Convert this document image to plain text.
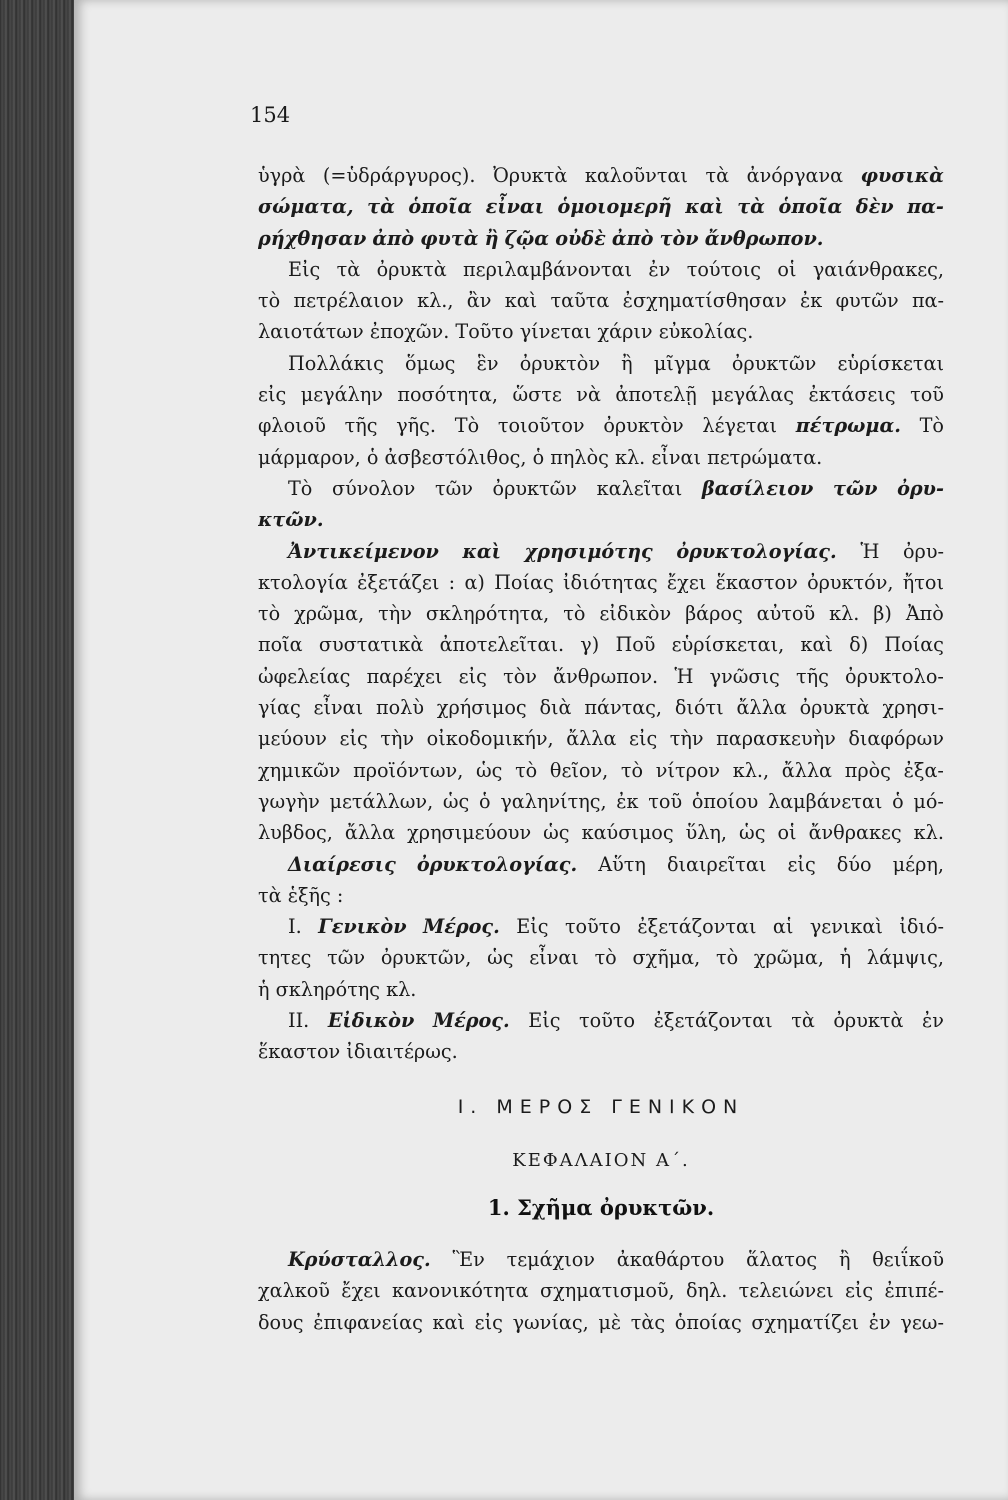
154
ὑγρὰ (=ὑδράργυρος). Ὀρυκτὰ καλοῦνται τὰ ἀνόργανα φυσικὰ
σώματα, τὰ ὁποῖα εἶναι ὁμοιομερῆ καὶ τὰ ὁποῖα δὲν πα-
ρήχθησαν ἀπὸ φυτὰ ἢ ζῷα οὐδὲ ἀπὸ τὸν ἄνθρωπον.
Εἰς τὰ ὀρυκτὰ περιλαμβάνονται ἐν τούτοις οἱ γαιάνθρακες,
τὸ πετρέλαιον κλ., ἂν καὶ ταῦτα ἐσχηματίσθησαν ἐκ φυτῶν πα-
λαιοτάτων ἐποχῶν. Τοῦτο γίνεται χάριν εὐκολίας.
Πολλάκις ὅμως ἓν ὀρυκτὸν ἢ μῖγμα ὀρυκτῶν εὑρίσκεται
εἰς μεγάλην ποσότητα, ὥστε νὰ ἀποτελῇ μεγάλας ἐκτάσεις τοῦ
φλοιοῦ τῆς γῆς. Τὸ τοιοῦτον ὀρυκτὸν λέγεται πέτρωμα. Τὸ
μάρμαρον, ὁ ἀσβεστόλιθος, ὁ πηλὸς κλ. εἶναι πετρώματα.
Τὸ σύνολον τῶν ὀρυκτῶν καλεῖται βασίλειον τῶν ὀρυ-
κτῶν.
Ἀντικείμενον καὶ χρησιμότης ὀρυκτολογίας. Ἡ ὀρυ-
κτολογία ἐξετάζει : α) Ποίας ἰδιότητας ἔχει ἕκαστον ὀρυκτόν, ἤτοι
τὸ χρῶμα, τὴν σκληρότητα, τὸ εἰδικὸν βάρος αὐτοῦ κλ. β) Ἀπὸ
ποῖα συστατικὰ ἀποτελεῖται. γ) Ποῦ εὑρίσκεται, καὶ δ) Ποίας
ὠφελείας παρέχει εἰς τὸν ἄνθρωπον. Ἡ γνῶσις τῆς ὀρυκτολο-
γίας εἶναι πολὺ χρήσιμος διὰ πάντας, διότι ἄλλα ὀρυκτὰ χρησι-
μεύουν εἰς τὴν οἰκοδομικήν, ἄλλα εἰς τὴν παρασκευὴν διαφόρων
χημικῶν προϊόντων, ὡς τὸ θεῖον, τὸ νίτρον κλ., ἄλλα πρὸς ἐξα-
γωγὴν μετάλλων, ὡς ὁ γαληνίτης, ἐκ τοῦ ὁποίου λαμβάνεται ὁ μό-
λυβδος, ἄλλα χρησιμεύουν ὡς καύσιμος ὕλη, ὡς οἱ ἄνθρακες κλ.
Διαίρεσις ὀρυκτολογίας. Αὕτη διαιρεῖται εἰς δύο μέρη,
τὰ ἑξῆς :
I. Γενικὸν Μέρος. Εἰς τοῦτο ἐξετάζονται αἱ γενικαὶ ἰδιό-
τητες τῶν ὀρυκτῶν, ὡς εἶναι τὸ σχῆμα, τὸ χρῶμα, ἡ λάμψις,
ἡ σκληρότης κλ.
II. Εἰδικὸν Μέρος. Εἰς τοῦτο ἐξετάζονται τὰ ὀρυκτὰ ἐν
ἕκαστον ἰδιαιτέρως.
I. ΜΕΡΟΣ ΓΕΝΙΚΟΝ
ΚΕΦΑΛΑΙΟΝ Α΄.
1. Σχῆμα ὀρυκτῶν.
Κρύσταλλος. Ἓν τεμάχιον ἀκαθάρτου ἅλατος ἢ θειΐκοῦ
χαλκοῦ ἔχει κανονικότητα σχηματισμοῦ, δηλ. τελειώνει εἰς ἐπιπέ-
δους ἐπιφανείας καὶ εἰς γωνίας, μὲ τὰς ὁποίας σχηματίζει ἐν γεω-
